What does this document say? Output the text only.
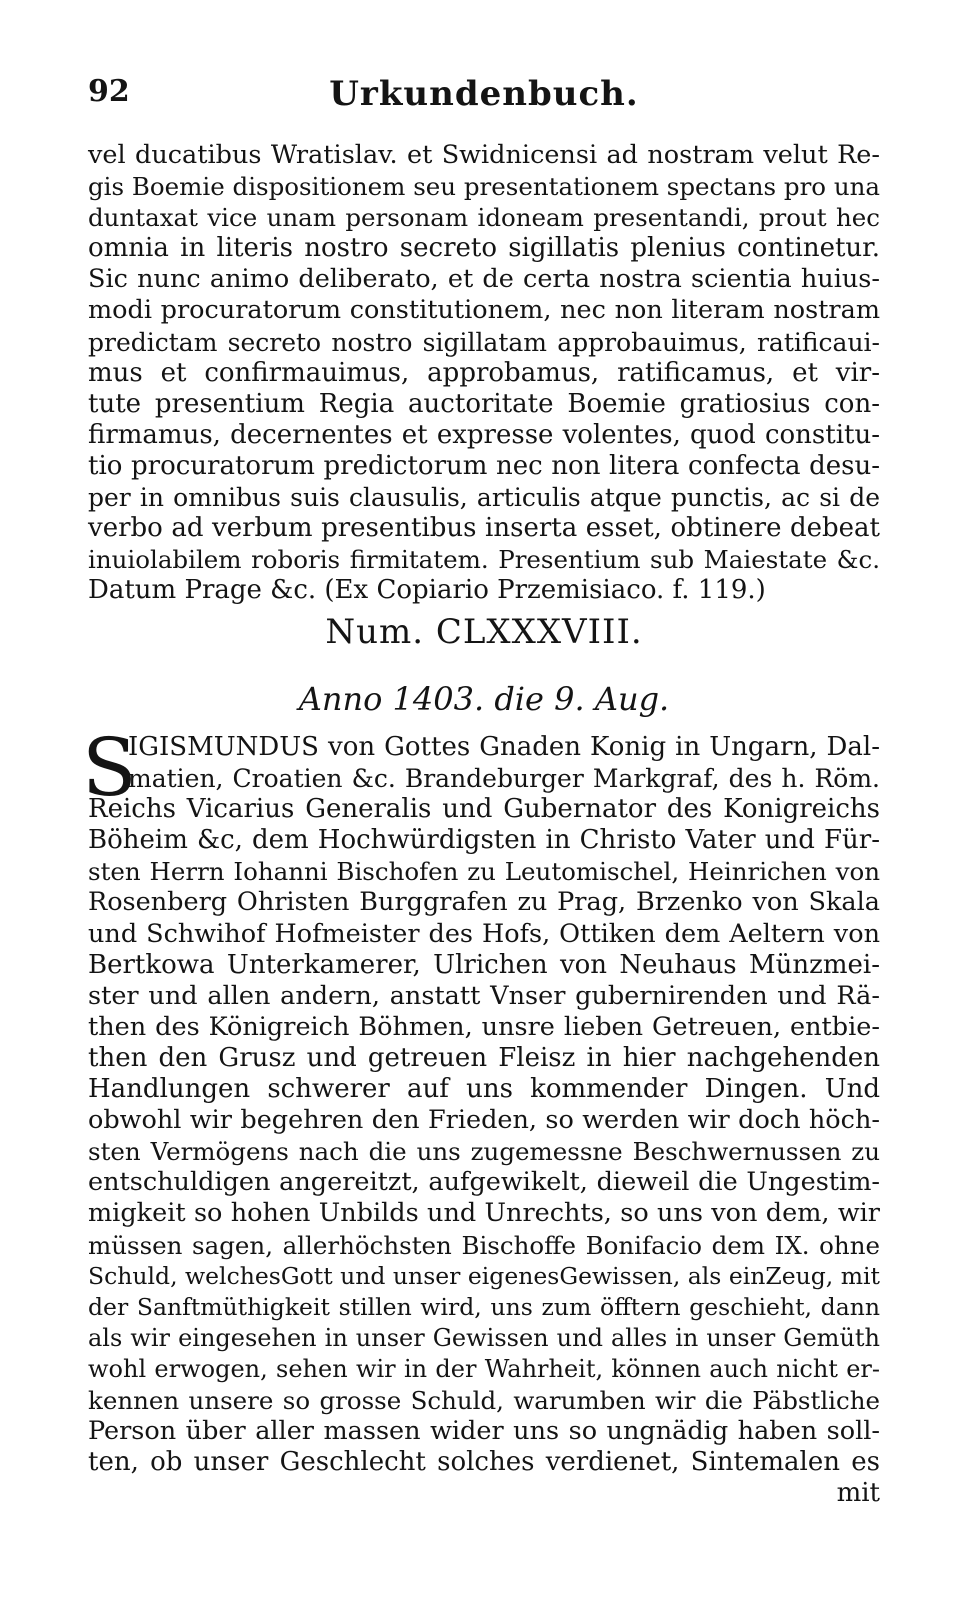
92	Urkundenbuch.
vel ducatibus Wratislav. et Swidnicensi ad nostram velut Re-
gis Boemie dispositionem seu presentationem spectans pro una
duntaxat vice unam personam idoneam presentandi, prout hec
omnia in literis nostro secreto sigillatis plenius continetur.
Sic nunc animo deliberato, et de certa nostra scientia huius-
modi procuratorum constitutionem, nec non literam nostram
predictam secreto nostro sigillatam approbauimus, ratificaui-
mus et confirmauimus, approbamus, ratificamus, et vir-
tute presentium Regia auctoritate Boemie gratiosius con-
firmamus, decernentes et expresse volentes, quod constitu-
tio procuratorum predictorum nec non litera confecta desu-
per in omnibus suis clausulis, articulis atque punctis, ac si de
verbo ad verbum presentibus inserta esset, obtinere debeat
inuiolabilem roboris firmitatem. Presentium sub Maiestate &c.
Datum Prage &c. (Ex Copiario Przemisiaco. f. 119.)
Num. CLXXXVIII.
Anno 1403. die 9. Aug.
S
IGISMUNDUS von Gottes Gnaden Konig in Ungarn, Dal-
matien, Croatien &c. Brandeburger Markgraf, des h. Röm.
Reichs Vicarius Generalis und Gubernator des Konigreichs
Böheim &c, dem Hochwürdigsten in Christo Vater und Für-
sten Herrn Iohanni Bischofen zu Leutomischel, Heinrichen von
Rosenberg Ohristen Burggrafen zu Prag, Brzenko von Skala
und Schwihof Hofmeister des Hofs, Ottiken dem Aeltern von
Bertkowa Unterkamerer, Ulrichen von Neuhaus Münzmei-
ster und allen andern, anstatt Vnser gubernirenden und Rä-
then des Königreich Böhmen, unsre lieben Getreuen, entbie-
then den Grusz und getreuen Fleisz in hier nachgehenden
Handlungen schwerer auf uns kommender Dingen. Und
obwohl wir begehren den Frieden, so werden wir doch höch-
sten Vermögens nach die uns zugemessne Beschwernussen zu
entschuldigen angereitzt, aufgewikelt, dieweil die Ungestim-
migkeit so hohen Unbilds und Unrechts, so uns von dem, wir
müssen sagen, allerhöchsten Bischoffe Bonifacio dem IX. ohne
Schuld, welchesGott und unser eigenesGewissen, als einZeug, mit
der Sanftmüthigkeit stillen wird, uns zum öfftern geschieht, dann
als wir eingesehen in unser Gewissen und alles in unser Gemüth
wohl erwogen, sehen wir in der Wahrheit, können auch nicht er-
kennen unsere so grosse Schuld, warumben wir die Päbstliche
Person über aller massen wider uns so ungnädig haben soll-
ten, ob unser Geschlecht solches verdienet, Sintemalen es
mit
